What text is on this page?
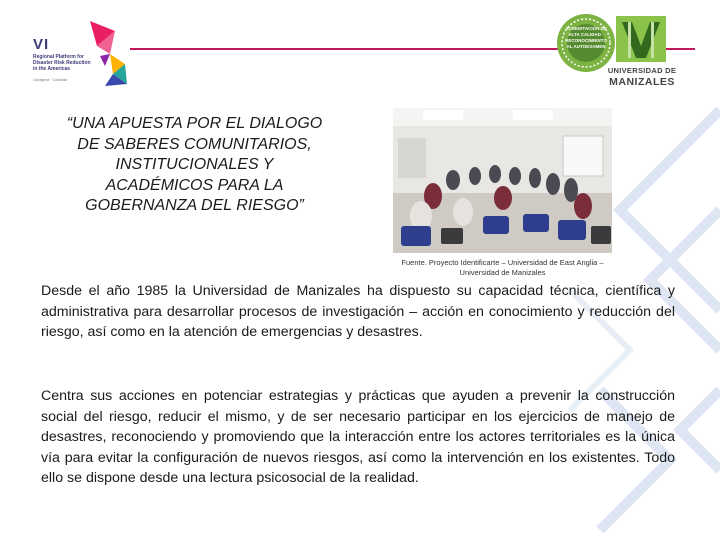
VI
Regional Platform for Disaster Risk Reduction in the Americas
Cartagena · Colombia
ACREDITACIÓN DE ALTA CALIDAD · RECONOCIMIENTO AL AUTOEXAMEN
UNIVERSIDAD DE
MANIZALES
“UNA APUESTA POR EL DIALOGO DE SABERES COMUNITARIOS, INSTITUCIONALES Y ACADÉMICOS PARA LA GOBERNANZA DEL RIESGO”
Fuente. Proyecto Identificarte – Universidad de East Anglia – Universidad de Manizales
Desde el año 1985 la Universidad de Manizales ha dispuesto su capacidad técnica, científica y administrativa para desarrollar procesos de investigación – acción en conocimiento y reducción del riesgo, así como en la atención de emergencias y desastres.
Centra sus acciones en potenciar estrategias y prácticas que ayuden a prevenir la construcción social del riesgo, reducir el mismo, y de ser necesario participar en los ejercicios de manejo de desastres, reconociendo y promoviendo que la interacción entre los actores territoriales es la única vía para evitar la configuración de nuevos riesgos, así como la intervención en los existentes. Todo ello se dispone desde una lectura psicosocial de la realidad.
